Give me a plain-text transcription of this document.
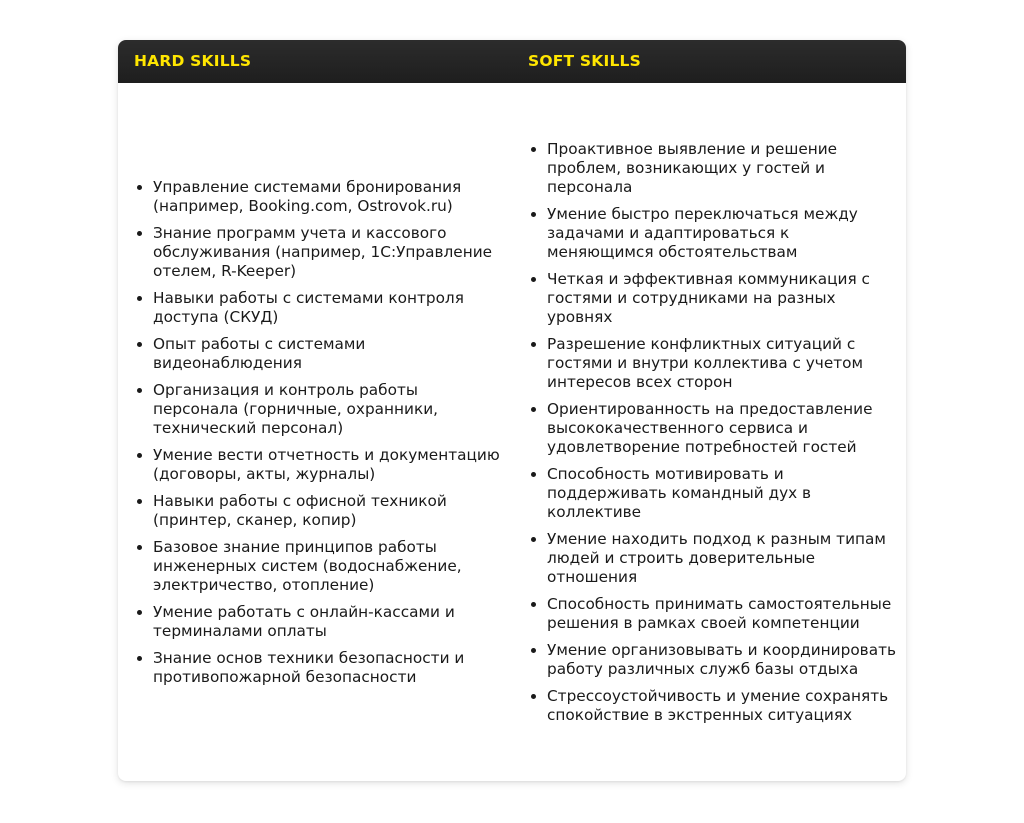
HARD SKILLS	SOFT SKILLS
• Управление системами бронирования (например, Booking.com, Ostrovok.ru)
• Знание программ учета и кассового обслуживания (например, 1С:Управление отелем, R-Keeper)
• Навыки работы с системами контроля доступа (СКУД)
• Опыт работы с системами видеонаблюдения
• Организация и контроль работы персонала (горничные, охранники, технический персонал)
• Умение вести отчетность и документацию (договоры, акты, журналы)
• Навыки работы с офисной техникой (принтер, сканер, копир)
• Базовое знание принципов работы инженерных систем (водоснабжение, электричество, отопление)
• Умение работать с онлайн-кассами и терминалами оплаты
• Знание основ техники безопасности и противопожарной безопасности
• Проактивное выявление и решение проблем, возникающих у гостей и персонала
• Умение быстро переключаться между задачами и адаптироваться к меняющимся обстоятельствам
• Четкая и эффективная коммуникация с гостями и сотрудниками на разных уровнях
• Разрешение конфликтных ситуаций с гостями и внутри коллектива с учетом интересов всех сторон
• Ориентированность на предоставление высококачественного сервиса и удовлетворение потребностей гостей
• Способность мотивировать и поддерживать командный дух в коллективе
• Умение находить подход к разным типам людей и строить доверительные отношения
• Способность принимать самостоятельные решения в рамках своей компетенции
• Умение организовывать и координировать работу различных служб базы отдыха
• Стрессоустойчивость и умение сохранять спокойствие в экстренных ситуациях
